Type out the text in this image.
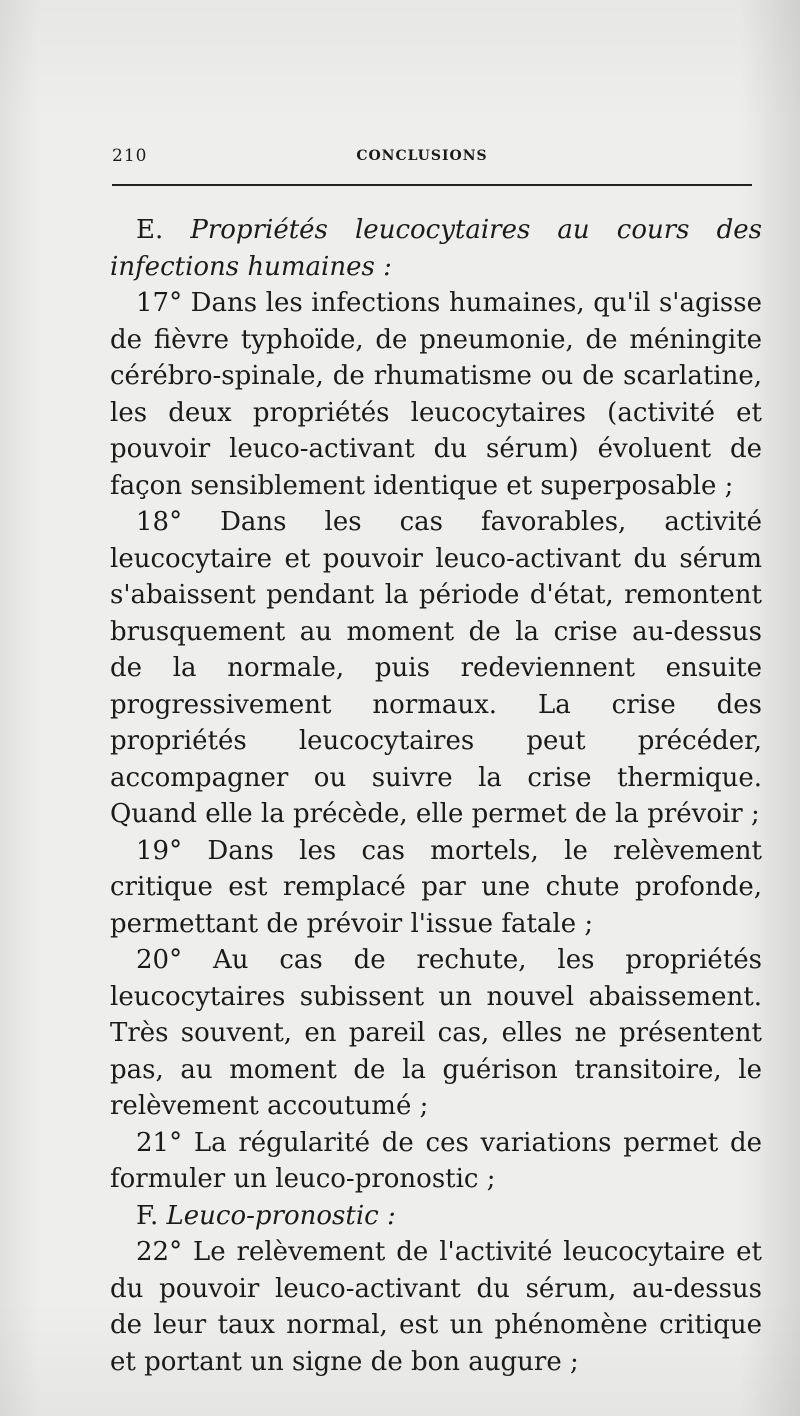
210	CONCLUSIONS

E. Propriétés leucocytaires au cours des infections humaines :

17° Dans les infections humaines, qu'il s'agisse de fièvre typhoïde, de pneumonie, de méningite cérébro-spinale, de rhumatisme ou de scarlatine, les deux propriétés leucocytaires (activité et pouvoir leuco-activant du sérum) évoluent de façon sensiblement identique et superposable ;

18° Dans les cas favorables, activité leucocytaire et pouvoir leuco-activant du sérum s'abaissent pendant la période d'état, remontent brusquement au moment de la crise au-dessus de la normale, puis redeviennent ensuite progressivement normaux. La crise des propriétés leucocytaires peut précéder, accompagner ou suivre la crise thermique. Quand elle la précède, elle permet de la prévoir ;

19° Dans les cas mortels, le relèvement critique est remplacé par une chute profonde, permettant de prévoir l'issue fatale ;

20° Au cas de rechute, les propriétés leucocytaires subissent un nouvel abaissement. Très souvent, en pareil cas, elles ne présentent pas, au moment de la guérison transitoire, le relèvement accoutumé ;

21° La régularité de ces variations permet de formuler un leuco-pronostic ;

F. Leuco-pronostic :

22° Le relèvement de l'activité leucocytaire et du pouvoir leuco-activant du sérum, au-dessus de leur taux normal, est un phénomène critique et portant un signe de bon augure ;
